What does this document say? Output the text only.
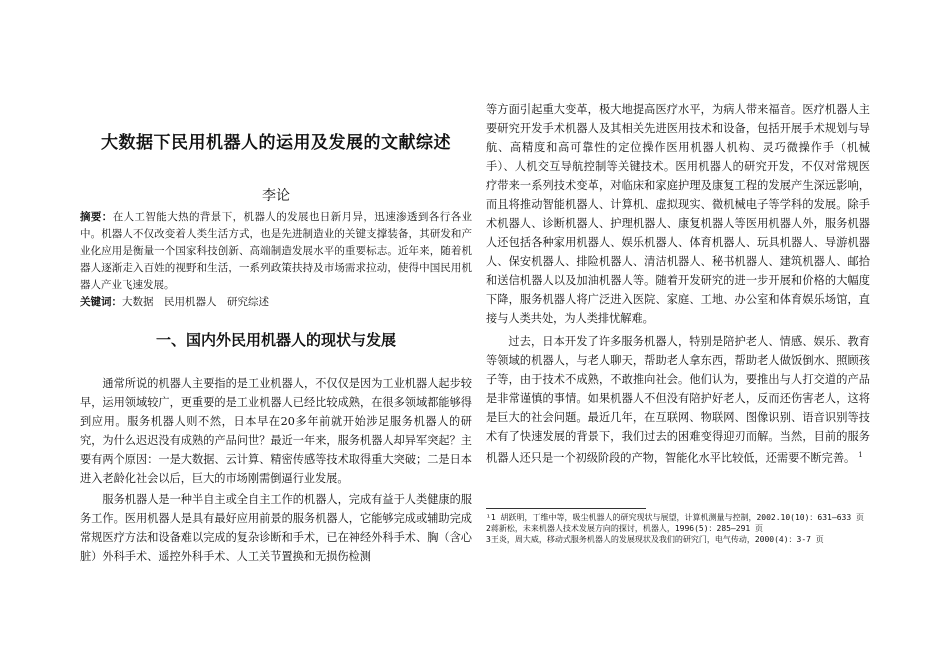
大数据下民用机器人的运用及发展的文献综述
李论

摘要：在人工智能大热的背景下，机器人的发展也日新月异，迅速渗透到各行各业中。机器人不仅改变着人类生活方式，也是先进制造业的关键支撑装备，其研发和产业化应用是衡量一个国家科技创新、高端制造发展水平的重要标志。近年来，随着机器人逐渐走入百姓的视野和生活，一系列政策扶持及市场需求拉动，使得中国民用机器人产业飞速发展。

关键词：大数据　民用机器人　研究综述

一、国内外民用机器人的现状与发展

通常所说的机器人主要指的是工业机器人，不仅仅是因为工业机器人起步较早，运用领域较广，更重要的是工业机器人已经比较成熟，在很多领域都能够得到应用。服务机器人则不然，日本早在20多年前就开始涉足服务机器人的研究，为什么迟迟没有成熟的产品问世？最近一年来，服务机器人却异军突起？主要有两个原因：一是大数据、云计算、精密传感等技术取得重大突破；二是日本进入老龄化社会以后，巨大的市场刚需倒逼行业发展。

服务机器人是一种半自主或全自主工作的机器人，完成有益于人类健康的服务工作。医用机器人是具有最好应用前景的服务机器人，它能够完成或辅助完成常规医疗方法和设备难以完成的复杂诊断和手术，已在神经外科手术、胸（含心脏）外科手术、遥控外科手术、人工关节置换和无损伤检测

等方面引起重大变革，极大地提高医疗水平，为病人带来福音。医疗机器人主要研究开发手术机器人及其相关先进医用技术和设备，包括开展手术规划与导航、高精度和高可靠性的定位操作医用机器人机构、灵巧微操作手（机械手）、人机交互导航控制等关键技术。医用机器人的研究开发，不仅对常规医疗带来一系列技术变革，对临床和家庭护理及康复工程的发展产生深远影响，而且将推动智能机器人、计算机、虚拟现实、微机械电子等学科的发展。除手术机器人、诊断机器人、护理机器人、康复机器人等医用机器人外，服务机器人还包括各种家用机器人、娱乐机器人、体育机器人、玩具机器人、导游机器人、保安机器人、排险机器人、清洁机器人、秘书机器人、建筑机器人、邮拾和送信机器人以及加油机器人等。随着开发研究的进一步开展和价格的大幅度下降，服务机器人将广泛进入医院、家庭、工地、办公室和体育娱乐场馆，直接与人类共处，为人类排忧解难。

过去，日本开发了许多服务机器人，特别是陪护老人、情感、娱乐、教育等领域的机器人，与老人聊天，帮助老人拿东西，帮助老人做饭倒水、照顾孩子等，由于技术不成熟，不敢推向社会。他们认为，要推出与人打交道的产品是非常谨慎的事情。如果机器人不但没有陪护好老人，反而还伤害老人，这将是巨大的社会问题。最近几年，在互联网、物联网、图像识别、语音识别等技术有了快速发展的背景下，我们过去的困难变得迎刃而解。当然，目前的服务机器人还只是一个初级阶段的产物，智能化水平比较低，还需要不断完善。 $^1$

¹1 胡跃明，丁维中等，吸尘机器人的研究现状与展望，计算机测量与控制，2002.10(10)：631—633 页

2蒋新松，未来机器人技术发展方向的探讨，机器人，1996(5)：285—291 页

3王炎，周大威，移动式服务机器人的发展现状及我们的研究门，电气传动，2000(4)：3-7 页
